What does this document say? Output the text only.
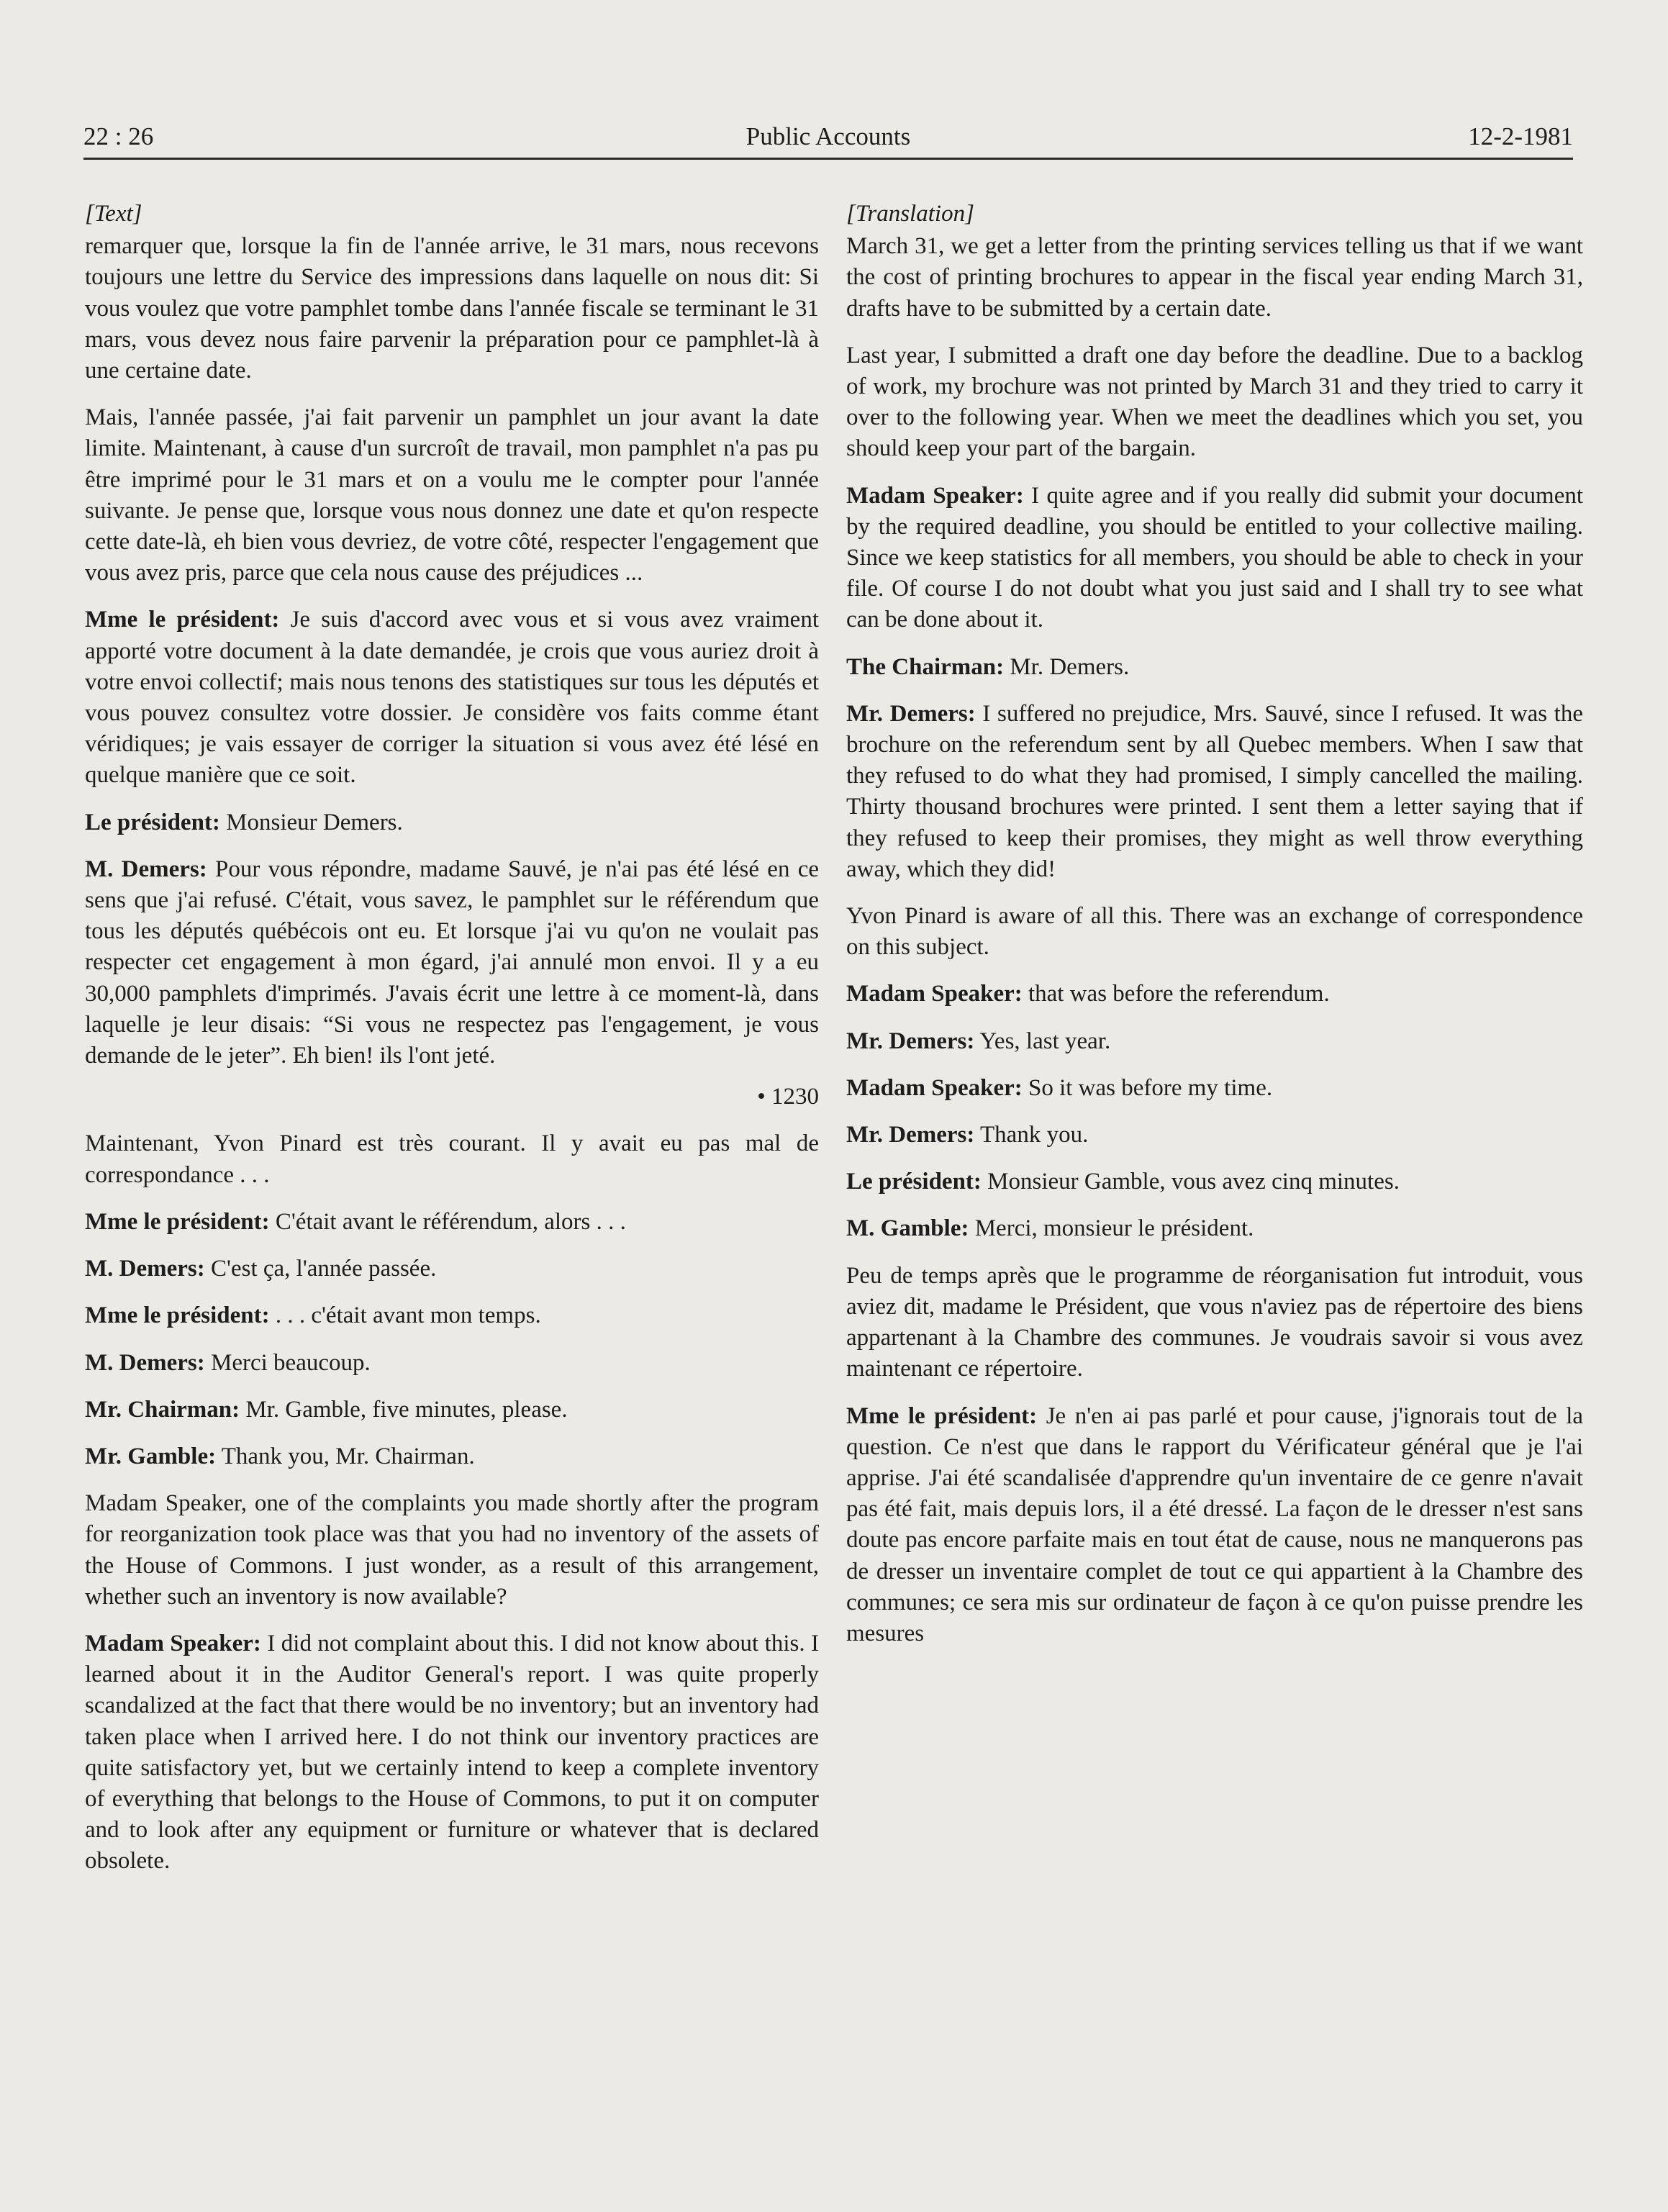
22 : 26	Public Accounts	12-2-1981
[Text]

remarquer que, lorsque la fin de l'année arrive, le 31 mars, nous recevons toujours une lettre du Service des impressions dans laquelle on nous dit: Si vous voulez que votre pamphlet tombe dans l'année fiscale se terminant le 31 mars, vous devez nous faire parvenir la préparation pour ce pamphlet-là à une certaine date.

Mais, l'année passée, j'ai fait parvenir un pamphlet un jour avant la date limite. Maintenant, à cause d'un surcroît de travail, mon pamphlet n'a pas pu être imprimé pour le 31 mars et on a voulu me le compter pour l'année suivante. Je pense que, lorsque vous nous donnez une date et qu'on respecte cette date-là, eh bien vous devriez, de votre côté, respecter l'engagement que vous avez pris, parce que cela nous cause des préjudices ...

Mme le président: Je suis d'accord avec vous et si vous avez vraiment apporté votre document à la date demandée, je crois que vous auriez droit à votre envoi collectif; mais nous tenons des statistiques sur tous les députés et vous pouvez consultez votre dossier. Je considère vos faits comme étant véridiques; je vais essayer de corriger la situation si vous avez été lésé en quelque manière que ce soit.

Le président: Monsieur Demers.

M. Demers: Pour vous répondre, madame Sauvé, je n'ai pas été lésé en ce sens que j'ai refusé. C'était, vous savez, le pamphlet sur le référendum que tous les députés québécois ont eu. Et lorsque j'ai vu qu'on ne voulait pas respecter cet engagement à mon égard, j'ai annulé mon envoi. Il y a eu 30,000 pamphlets d'imprimés. J'avais écrit une lettre à ce moment-là, dans laquelle je leur disais: “Si vous ne respectez pas l'engagement, je vous demande de le jeter”. Eh bien! ils l'ont jeté.

• 1230

Maintenant, Yvon Pinard est très courant. Il y avait eu pas mal de correspondance . . .

Mme le président: C'était avant le référendum, alors . . .

M. Demers: C'est ça, l'année passée.

Mme le président: . . . c'était avant mon temps.

M. Demers: Merci beaucoup.

Mr. Chairman: Mr. Gamble, five minutes, please.

Mr. Gamble: Thank you, Mr. Chairman.

Madam Speaker, one of the complaints you made shortly after the program for reorganization took place was that you had no inventory of the assets of the House of Commons. I just wonder, as a result of this arrangement, whether such an inventory is now available?

Madam Speaker: I did not complaint about this. I did not know about this. I learned about it in the Auditor General's report. I was quite properly scandalized at the fact that there would be no inventory; but an inventory had taken place when I arrived here. I do not think our inventory practices are quite satisfactory yet, but we certainly intend to keep a complete inventory of everything that belongs to the House of Commons, to put it on computer and to look after any equipment or furniture or whatever that is declared obsolete.

[Translation]

March 31, we get a letter from the printing services telling us that if we want the cost of printing brochures to appear in the fiscal year ending March 31, drafts have to be submitted by a certain date.

Last year, I submitted a draft one day before the deadline. Due to a backlog of work, my brochure was not printed by March 31 and they tried to carry it over to the following year. When we meet the deadlines which you set, you should keep your part of the bargain.

Madam Speaker: I quite agree and if you really did submit your document by the required deadline, you should be entitled to your collective mailing. Since we keep statistics for all members, you should be able to check in your file. Of course I do not doubt what you just said and I shall try to see what can be done about it.

The Chairman: Mr. Demers.

Mr. Demers: I suffered no prejudice, Mrs. Sauvé, since I refused. It was the brochure on the referendum sent by all Quebec members. When I saw that they refused to do what they had promised, I simply cancelled the mailing. Thirty thousand brochures were printed. I sent them a letter saying that if they refused to keep their promises, they might as well throw everything away, which they did!

Yvon Pinard is aware of all this. There was an exchange of correspondence on this subject.

Madam Speaker: that was before the referendum.

Mr. Demers: Yes, last year.

Madam Speaker: So it was before my time.

Mr. Demers: Thank you.

Le président: Monsieur Gamble, vous avez cinq minutes.

M. Gamble: Merci, monsieur le président.

Peu de temps après que le programme de réorganisation fut introduit, vous aviez dit, madame le Président, que vous n'aviez pas de répertoire des biens appartenant à la Chambre des communes. Je voudrais savoir si vous avez maintenant ce répertoire.

Mme le président: Je n'en ai pas parlé et pour cause, j'ignorais tout de la question. Ce n'est que dans le rapport du Vérificateur général que je l'ai apprise. J'ai été scandalisée d'apprendre qu'un inventaire de ce genre n'avait pas été fait, mais depuis lors, il a été dressé. La façon de le dresser n'est sans doute pas encore parfaite mais en tout état de cause, nous ne manquerons pas de dresser un inventaire complet de tout ce qui appartient à la Chambre des communes; ce sera mis sur ordinateur de façon à ce qu'on puisse prendre les mesures
